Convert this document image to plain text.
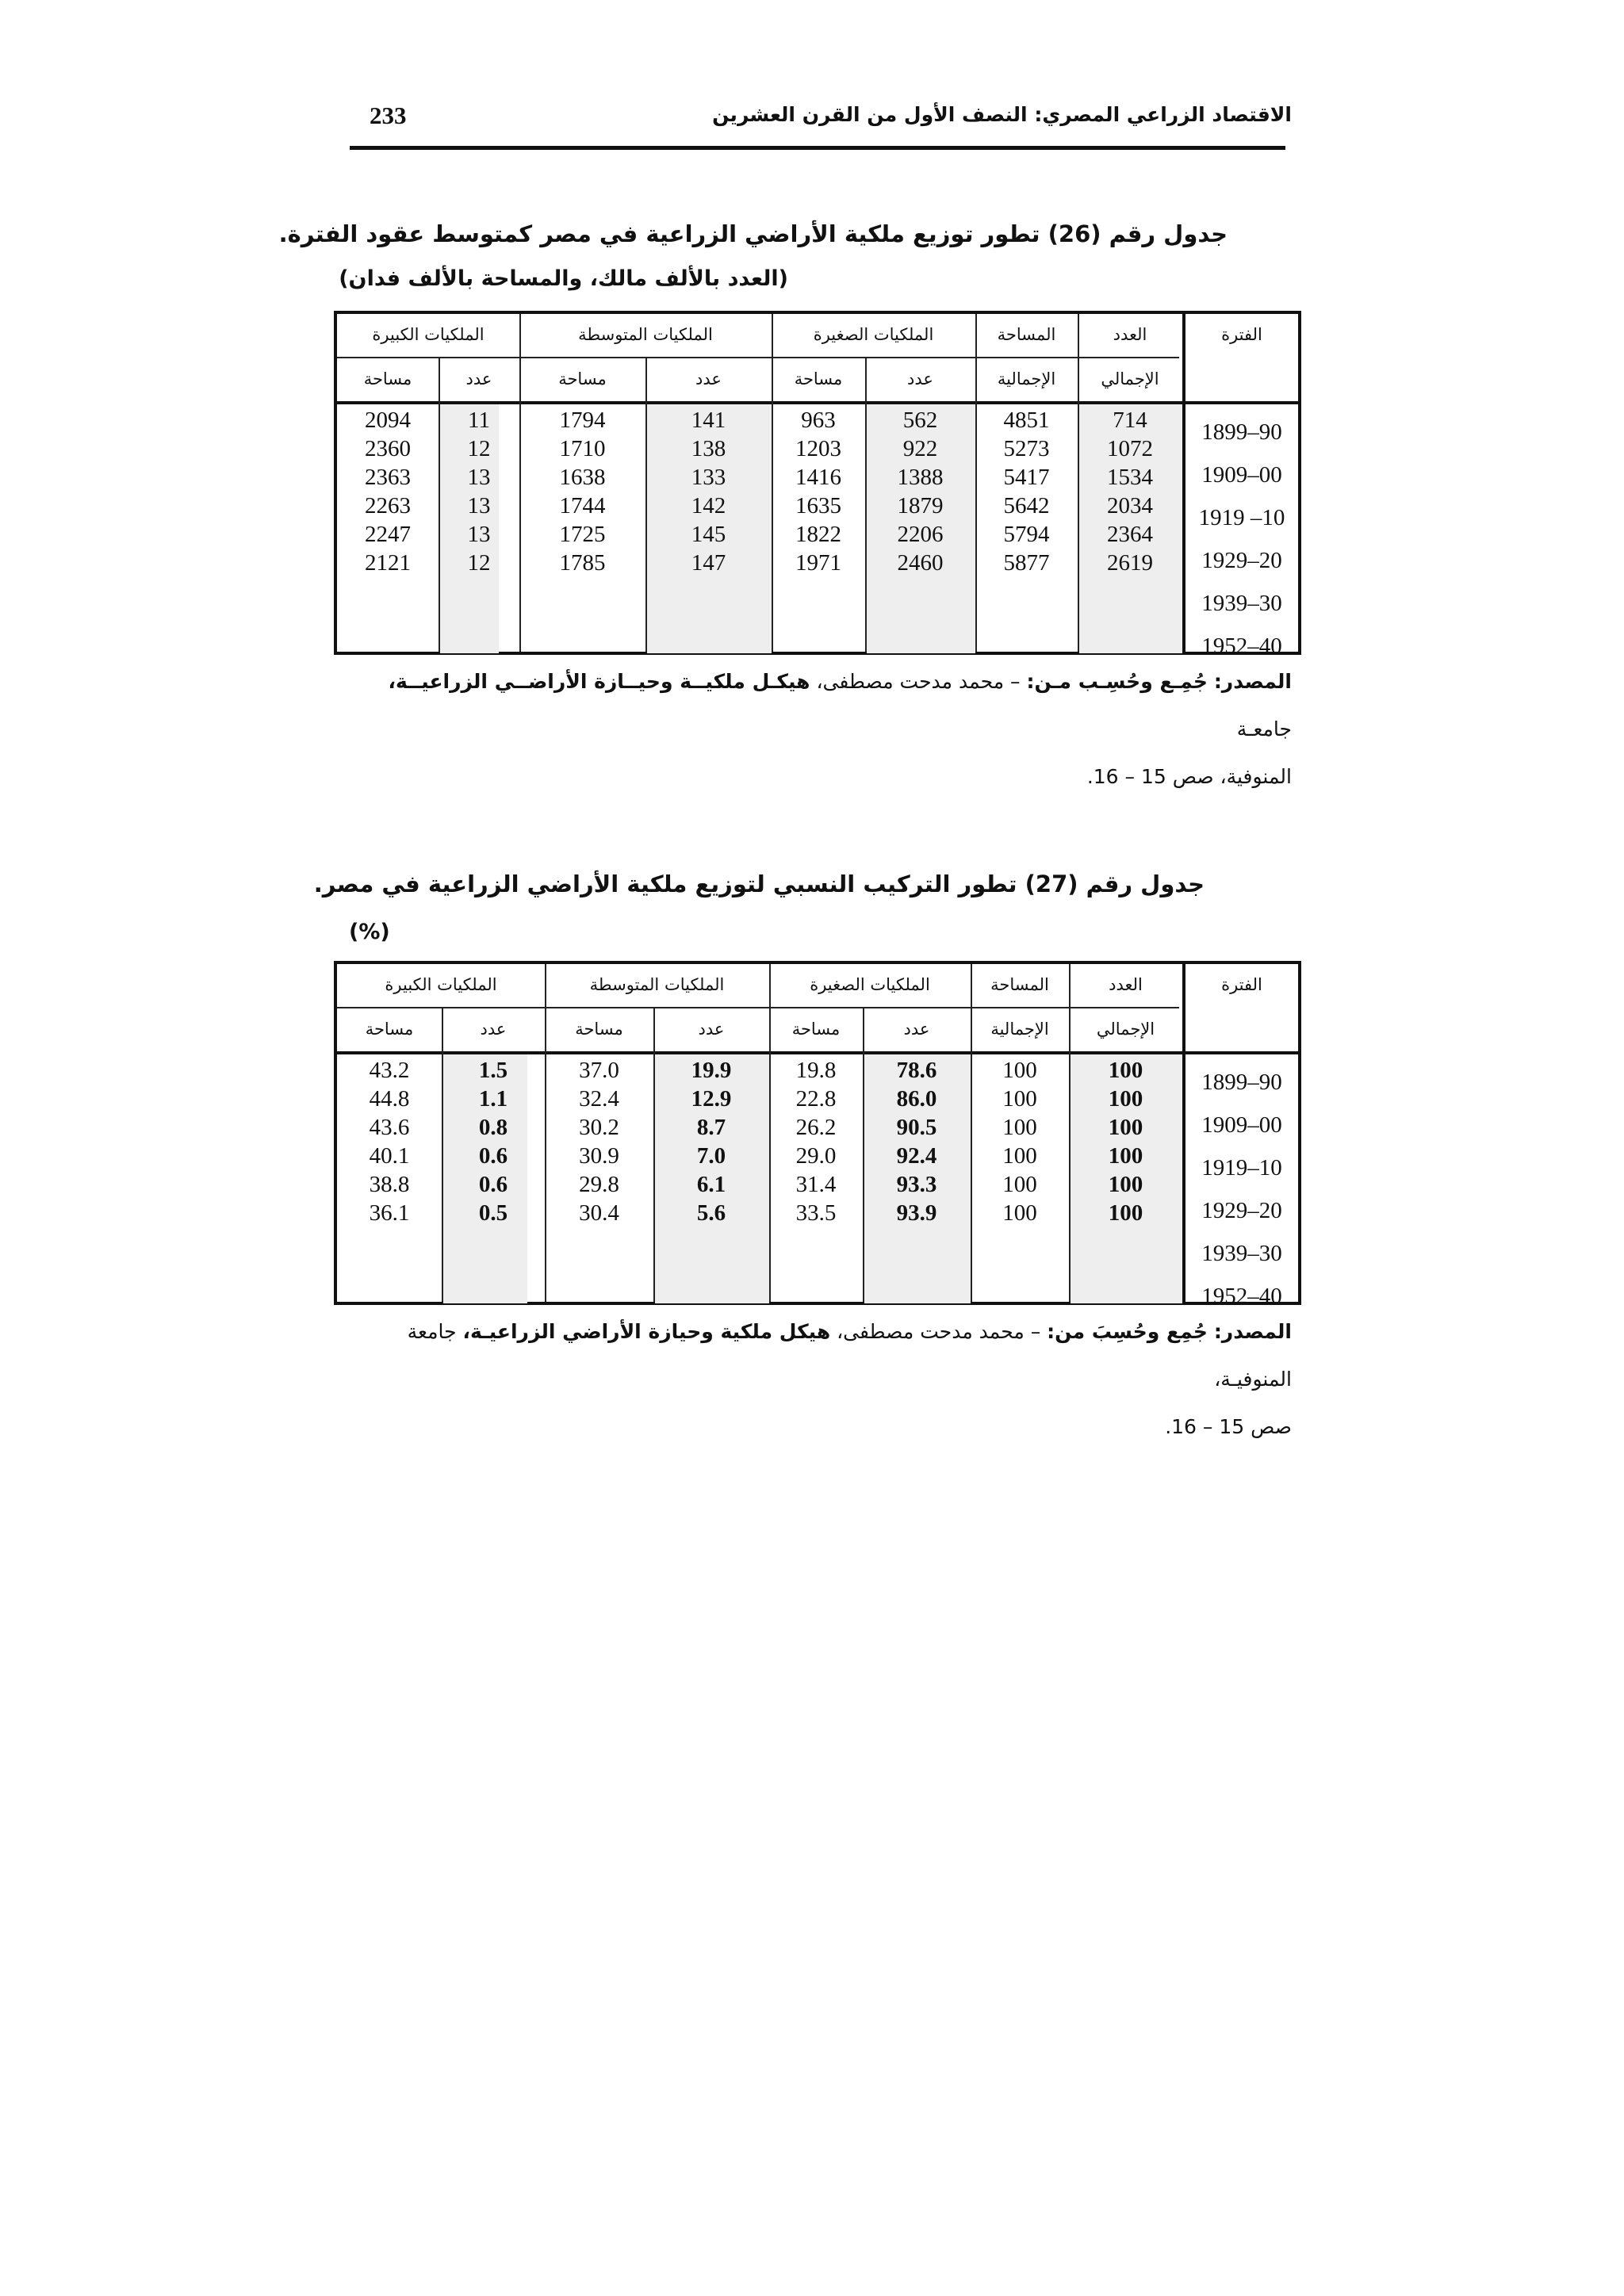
الاقتصاد الزراعي المصري: النصف الأول من القرن العشرين
233
جدول رقم (26) تطور توزيع ملكية الأراضي الزراعية في مصر كمتوسط عقود الفترة.
(العدد بالألف مالك، والمساحة بالألف فدان)
الفترة
العدد
الإجمالي
المساحة
الإجمالية
الملكيات الصغيرة
الملكيات المتوسطة
الملكيات الكبيرة
عدد
مساحة
عدد
مساحة
عدد
مساحة
1899–90
1909–00
1919 –10
1929–20
1939–30
1952–40
714
1072
1534
2034
2364
2619
4851
5273
5417
5642
5794
5877
562
922
1388
1879
2206
2460
963
1203
1416
1635
1822
1971
141
138
133
142
145
147
1794
1710
1638
1744
1725
1785
11
12
13
13
13
12
2094
2360
2363
2263
2247
2121
المصدر: جُمِـع وحُسِـب مـن: – محمد مدحت مصطفى، هيكـل ملكيــة وحيــازة الأراضــي الزراعيــة، جامعـة
المنوفية، صص 15 – 16.
جدول رقم (27) تطور التركيب النسبي لتوزيع ملكية الأراضي الزراعية في مصر.
(%)
الفترة
العدد
الإجمالي
المساحة
الإجمالية
الملكيات الصغيرة
الملكيات المتوسطة
الملكيات الكبيرة
عدد
مساحة
عدد
مساحة
عدد
مساحة
1899–90
1909–00
1919–10
1929–20
1939–30
1952–40
100
100
100
100
100
100
100
100
100
100
100
100
78.6
86.0
90.5
92.4
93.3
93.9
19.8
22.8
26.2
29.0
31.4
33.5
19.9
12.9
8.7
7.0
6.1
5.6
37.0
32.4
30.2
30.9
29.8
30.4
1.5
1.1
0.8
0.6
0.6
0.5
43.2
44.8
43.6
40.1
38.8
36.1
المصدر: جُمِع وحُسِبَ من: – محمد مدحت مصطفى، هيكل ملكية وحيازة الأراضي الزراعيـة، جامعة المنوفيـة،
صص 15 – 16.
